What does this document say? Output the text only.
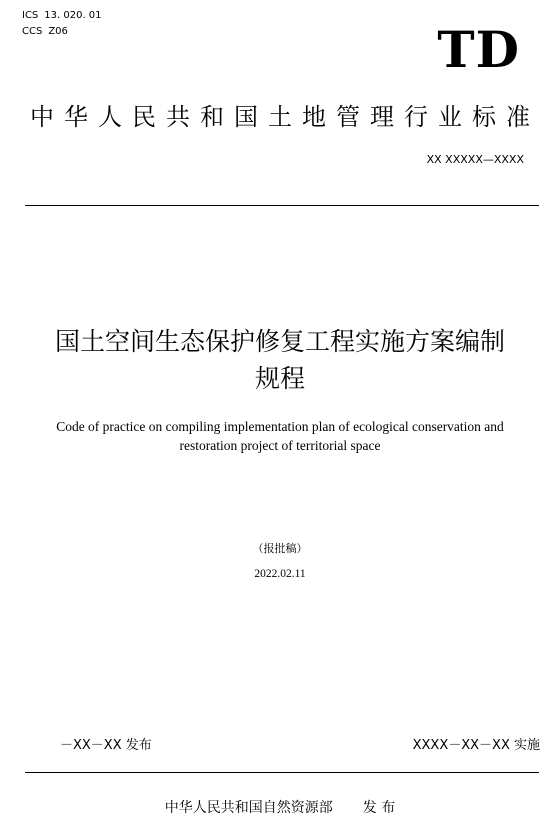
ICS 13. 020. 01
CCS Z06	TD
中华人民共和国土地管理行业标准
XX XXXXX—XXXX
国土空间生态保护修复工程实施方案编制
规程
Code of practice on compiling implementation plan of ecological conservation and
restoration project of territorial space
（报批稿）
2022.02.11
－XX－XX 发布	XXXX－XX－XX 实施
中华人民共和国自然资源部 发 布
